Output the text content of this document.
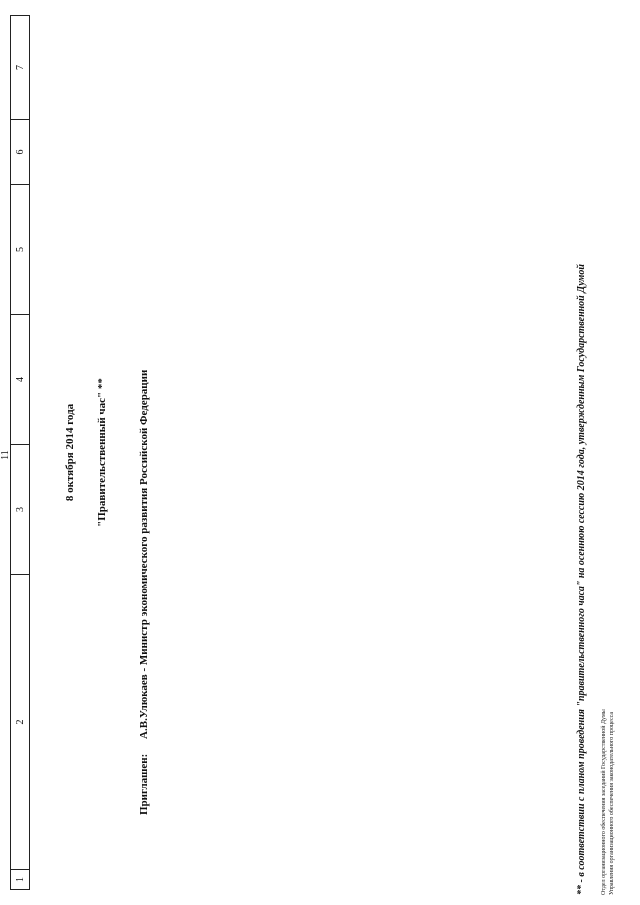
11
1
2
3
4
5
6
7
8 октября 2014 года "Правительственный час" **
Приглашен: А.В.Улюкаев - Министр экономического развития Российской Федерации	** - в соответствии с планом проведения "правительственного часа" на осеннюю сессию 2014 года, утвержденным Государственной Думой Отдел организационного обеспечения заседаний Государственной Думы Управления организационного обеспечения законодательного процесса
